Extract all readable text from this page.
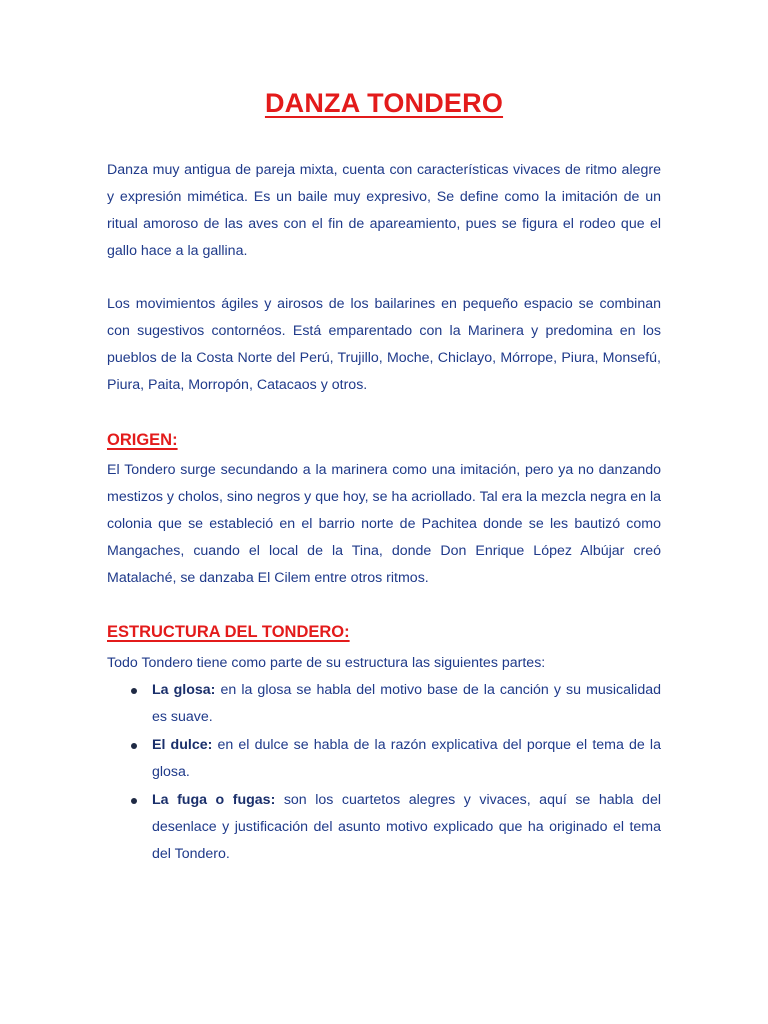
DANZA TONDERO

Danza muy antigua de pareja mixta, cuenta con características vivaces de ritmo alegre y expresión mimética. Es un baile muy expresivo, Se define como la imitación de un ritual amoroso de las aves con el fin de apareamiento, pues se figura el rodeo que el gallo hace a la gallina.

Los movimientos ágiles y airosos de los bailarines en pequeño espacio se combinan con sugestivos contornéos. Está emparentado con la Marinera y predomina en los pueblos de la Costa Norte del Perú, Trujillo, Moche, Chiclayo, Mórrope, Piura, Monsefú, Piura, Paita, Morropón, Catacaos y otros.

ORIGEN:

El Tondero surge secundando a la marinera como una imitación, pero ya no danzando mestizos y cholos, sino negros y que hoy, se ha acriollado. Tal era la mezcla negra en la colonia que se estableció en el barrio norte de Pachitea donde se les bautizó como Mangaches, cuando el local de la Tina, donde Don Enrique López Albújar creó Matalaché, se danzaba El Cilem entre otros ritmos.

ESTRUCTURA DEL TONDERO:

Todo Tondero tiene como parte de su estructura las siguientes partes:

La glosa: en la glosa se habla del motivo base de la canción y su musicalidad es suave.
El dulce: en el dulce se habla de la razón explicativa del porque el tema de la glosa.
La fuga o fugas: son los cuartetos alegres y vivaces, aquí se habla del desenlace y justificación del asunto motivo explicado que ha originado el tema del Tondero.
